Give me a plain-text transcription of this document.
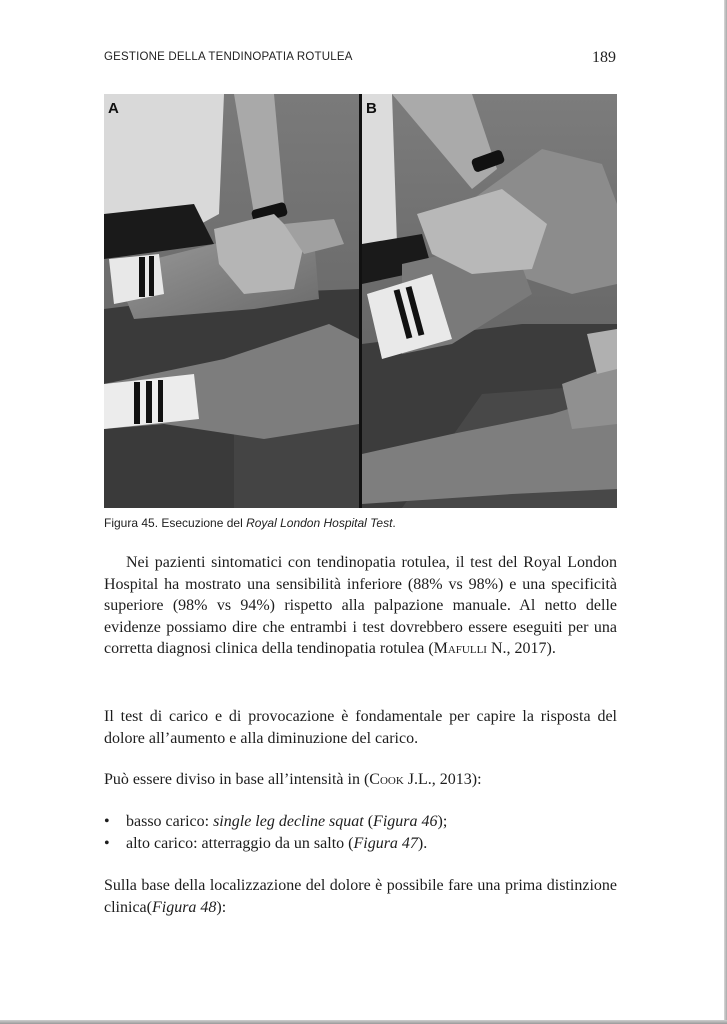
GESTIONE DELLA TENDINOPATIA ROTULEA	189
A	B
Figura 45. Esecuzione del Royal London Hospital Test.
Nei pazienti sintomatici con tendinopatia rotulea, il test del Royal London Hospital ha mostrato una sensibilità inferiore (88% vs 98%) e una specificità superiore (98% vs 94%) rispetto alla palpazione manuale. Al netto delle evidenze possiamo dire che entrambi i test dovrebbero essere eseguiti per una corretta diagnosi clinica della tendinopatia rotulea (Mafulli N., 2017).
Il test di carico e di provocazione è fondamentale per capire la risposta del dolore all’aumento e alla diminuzione del carico.
Può essere diviso in base all’intensità in (Cook J.L., 2013):
• basso carico: single leg decline squat (Figura 46);
• alto carico: atterraggio da un salto (Figura 47).
Sulla base della localizzazione del dolore è possibile fare una prima distinzione clinica(Figura 48):
